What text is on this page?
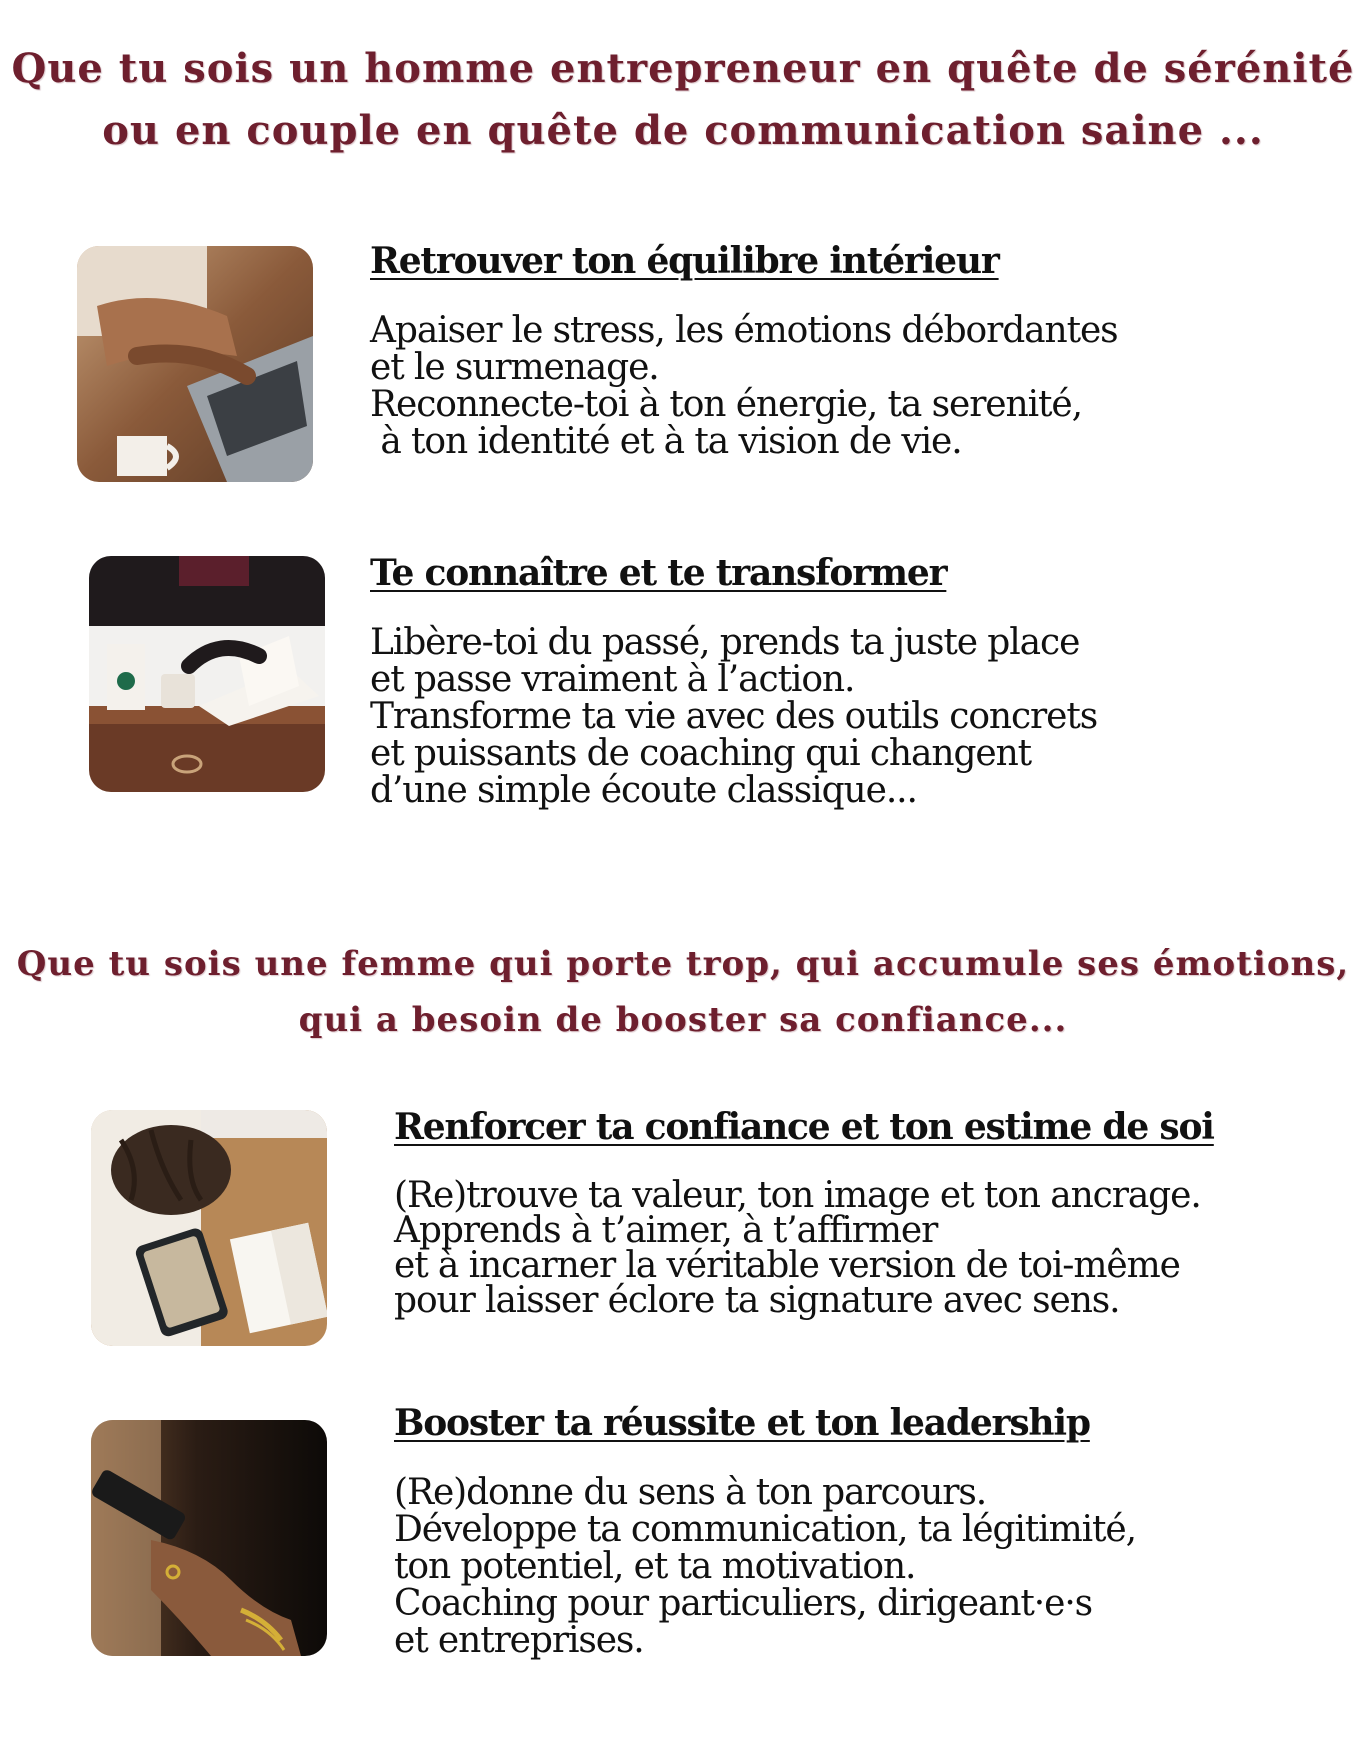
Que tu sois un homme entrepreneur en quête de sérénité
ou en couple en quête de communication saine ...
Retrouver ton équilibre intérieur
Apaiser le stress, les émotions débordantes
et le surmenage.
Reconnecte-toi à ton énergie, ta serenité,
à ton identité et à ta vision de vie.
Te connaître et te transformer
Libère-toi du passé, prends ta juste place
et passe vraiment à l’action.
Transforme ta vie avec des outils concrets
et puissants de coaching qui changent
d’une simple écoute classique...
Que tu sois une femme qui porte trop, qui accumule ses émotions,
qui a besoin de booster sa confiance...
Renforcer ta confiance et ton estime de soi
(Re)trouve ta valeur, ton image et ton ancrage.
Apprends à t’aimer, à t’affirmer
et à incarner la véritable version de toi-même
pour laisser éclore ta signature avec sens.
Booster ta réussite et ton leadership
(Re)donne du sens à ton parcours.
Développe ta communication, ta légitimité,
ton potentiel, et ta motivation.
Coaching pour particuliers, dirigeant·e·s
et entreprises.
